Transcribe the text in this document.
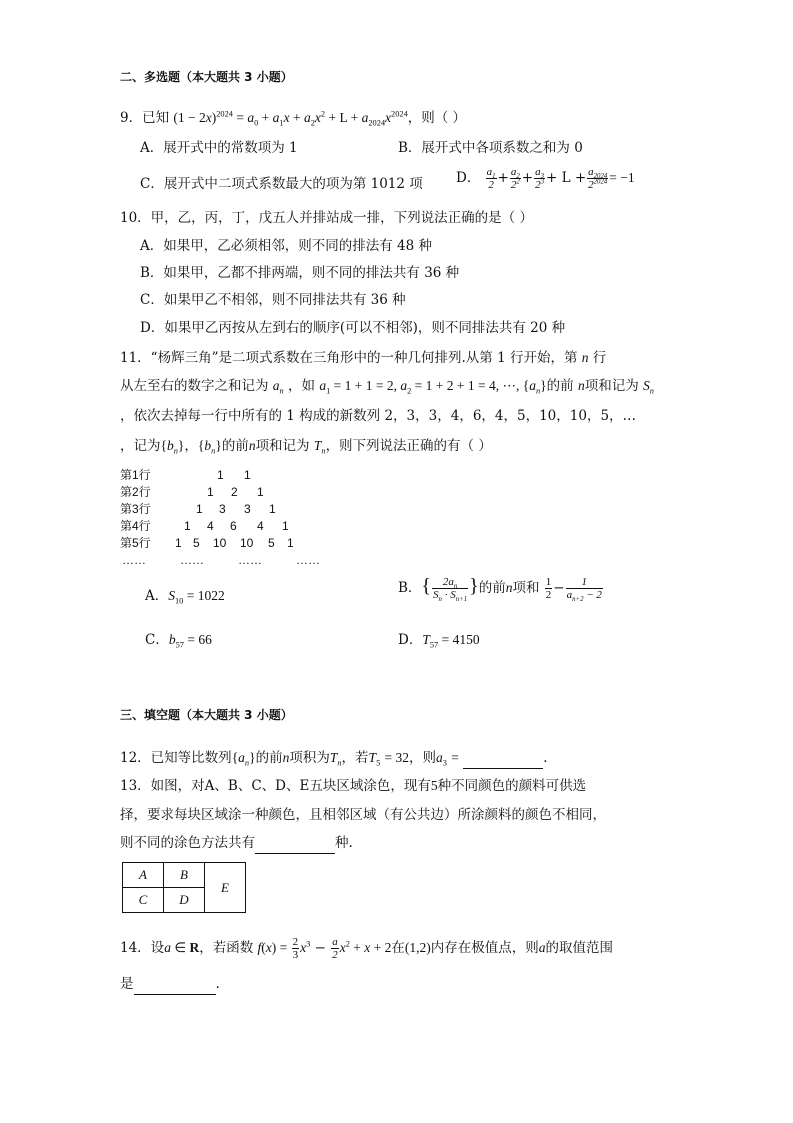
二、多选题（本大题共 3 小题）
9．已知 $(1 - 2x)^{2024} = a_0 + a_1x + a_2x^2 + L + a_{2024}x^{2024}$，则（ ）
A．展开式中的常数项为 1	B．展开式中各项系数之和为 0
C．展开式中二项式系数最大的项为第 1012 项 D． $\frac{a_1}{2} + \frac{a_2}{2^2} + \frac{a_3}{2^3} + L + \frac{a_{2024}}{2^{2024}} = -1$
10．甲，乙，丙，丁，戊五人并排站成一排，下列说法正确的是（ ）
A．如果甲，乙必须相邻，则不同的排法有 48 种
B．如果甲，乙都不排两端，则不同的排法共有 36 种
C．如果甲乙不相邻，则不同排法共有 36 种
D．如果甲乙丙按从左到右的顺序(可以不相邻)，则不同排法共有 20 种
11．“杨辉三角”是二项式系数在三角形中的一种几何排列.从第 1 行开始，第 n 行
从左至右的数字之和记为 $a_n$ ，如 $a_1 = 1 + 1 = 2$, $a_2 = 1 + 2 + 1 = 4$, ⋯, $\{a_n\}$的前 n项和记为 $S_n$
，依次去掉每一行中所有的 1 构成的新数列 2，3，3，4，6，4，5，10，10，5，…
，记为$\{b_n\}$，$\{b_n\}$的前n项和记为 $T_n$，则下列说法正确的有（ ）
第1行
第2行
第3行
第4行
第5行
1 1
1 2 1
1 3 3 1
1 4 6 4 1
1 5 10 10 5 1
……	……	……	……
A．$S_{10} = 1022$	B．{ $\frac{2a_n}{S_n \cdot S_{n+1}}$ }的前n项和 $\frac{1}{2} - \frac{1}{a_{n+2} - 2}$
C．$b_{57} = 66$	D．$T_{57} = 4150$
三、填空题（本大题共 3 小题）
12．已知等比数列$\{a_n\}$的前n项积为$T_n$，若$T_5 = 32$，则$a_3$ =	.
13．如图，对A、B、C、D、E五块区域涂色，现有5种不同颜色的颜料可供选
择，要求每块区域涂一种颜色，且相邻区域（有公共边）所涂颜料的颜色不相同，
则不同的涂色方法共有	种.
A	B	E
C	D	
14．设a ∈ R，若函数 $f(x) = \frac{2}{3} x^3 - \frac{a}{2} x^2 + x + 2$在(1,2)内存在极值点，则a的取值范围
是	.
